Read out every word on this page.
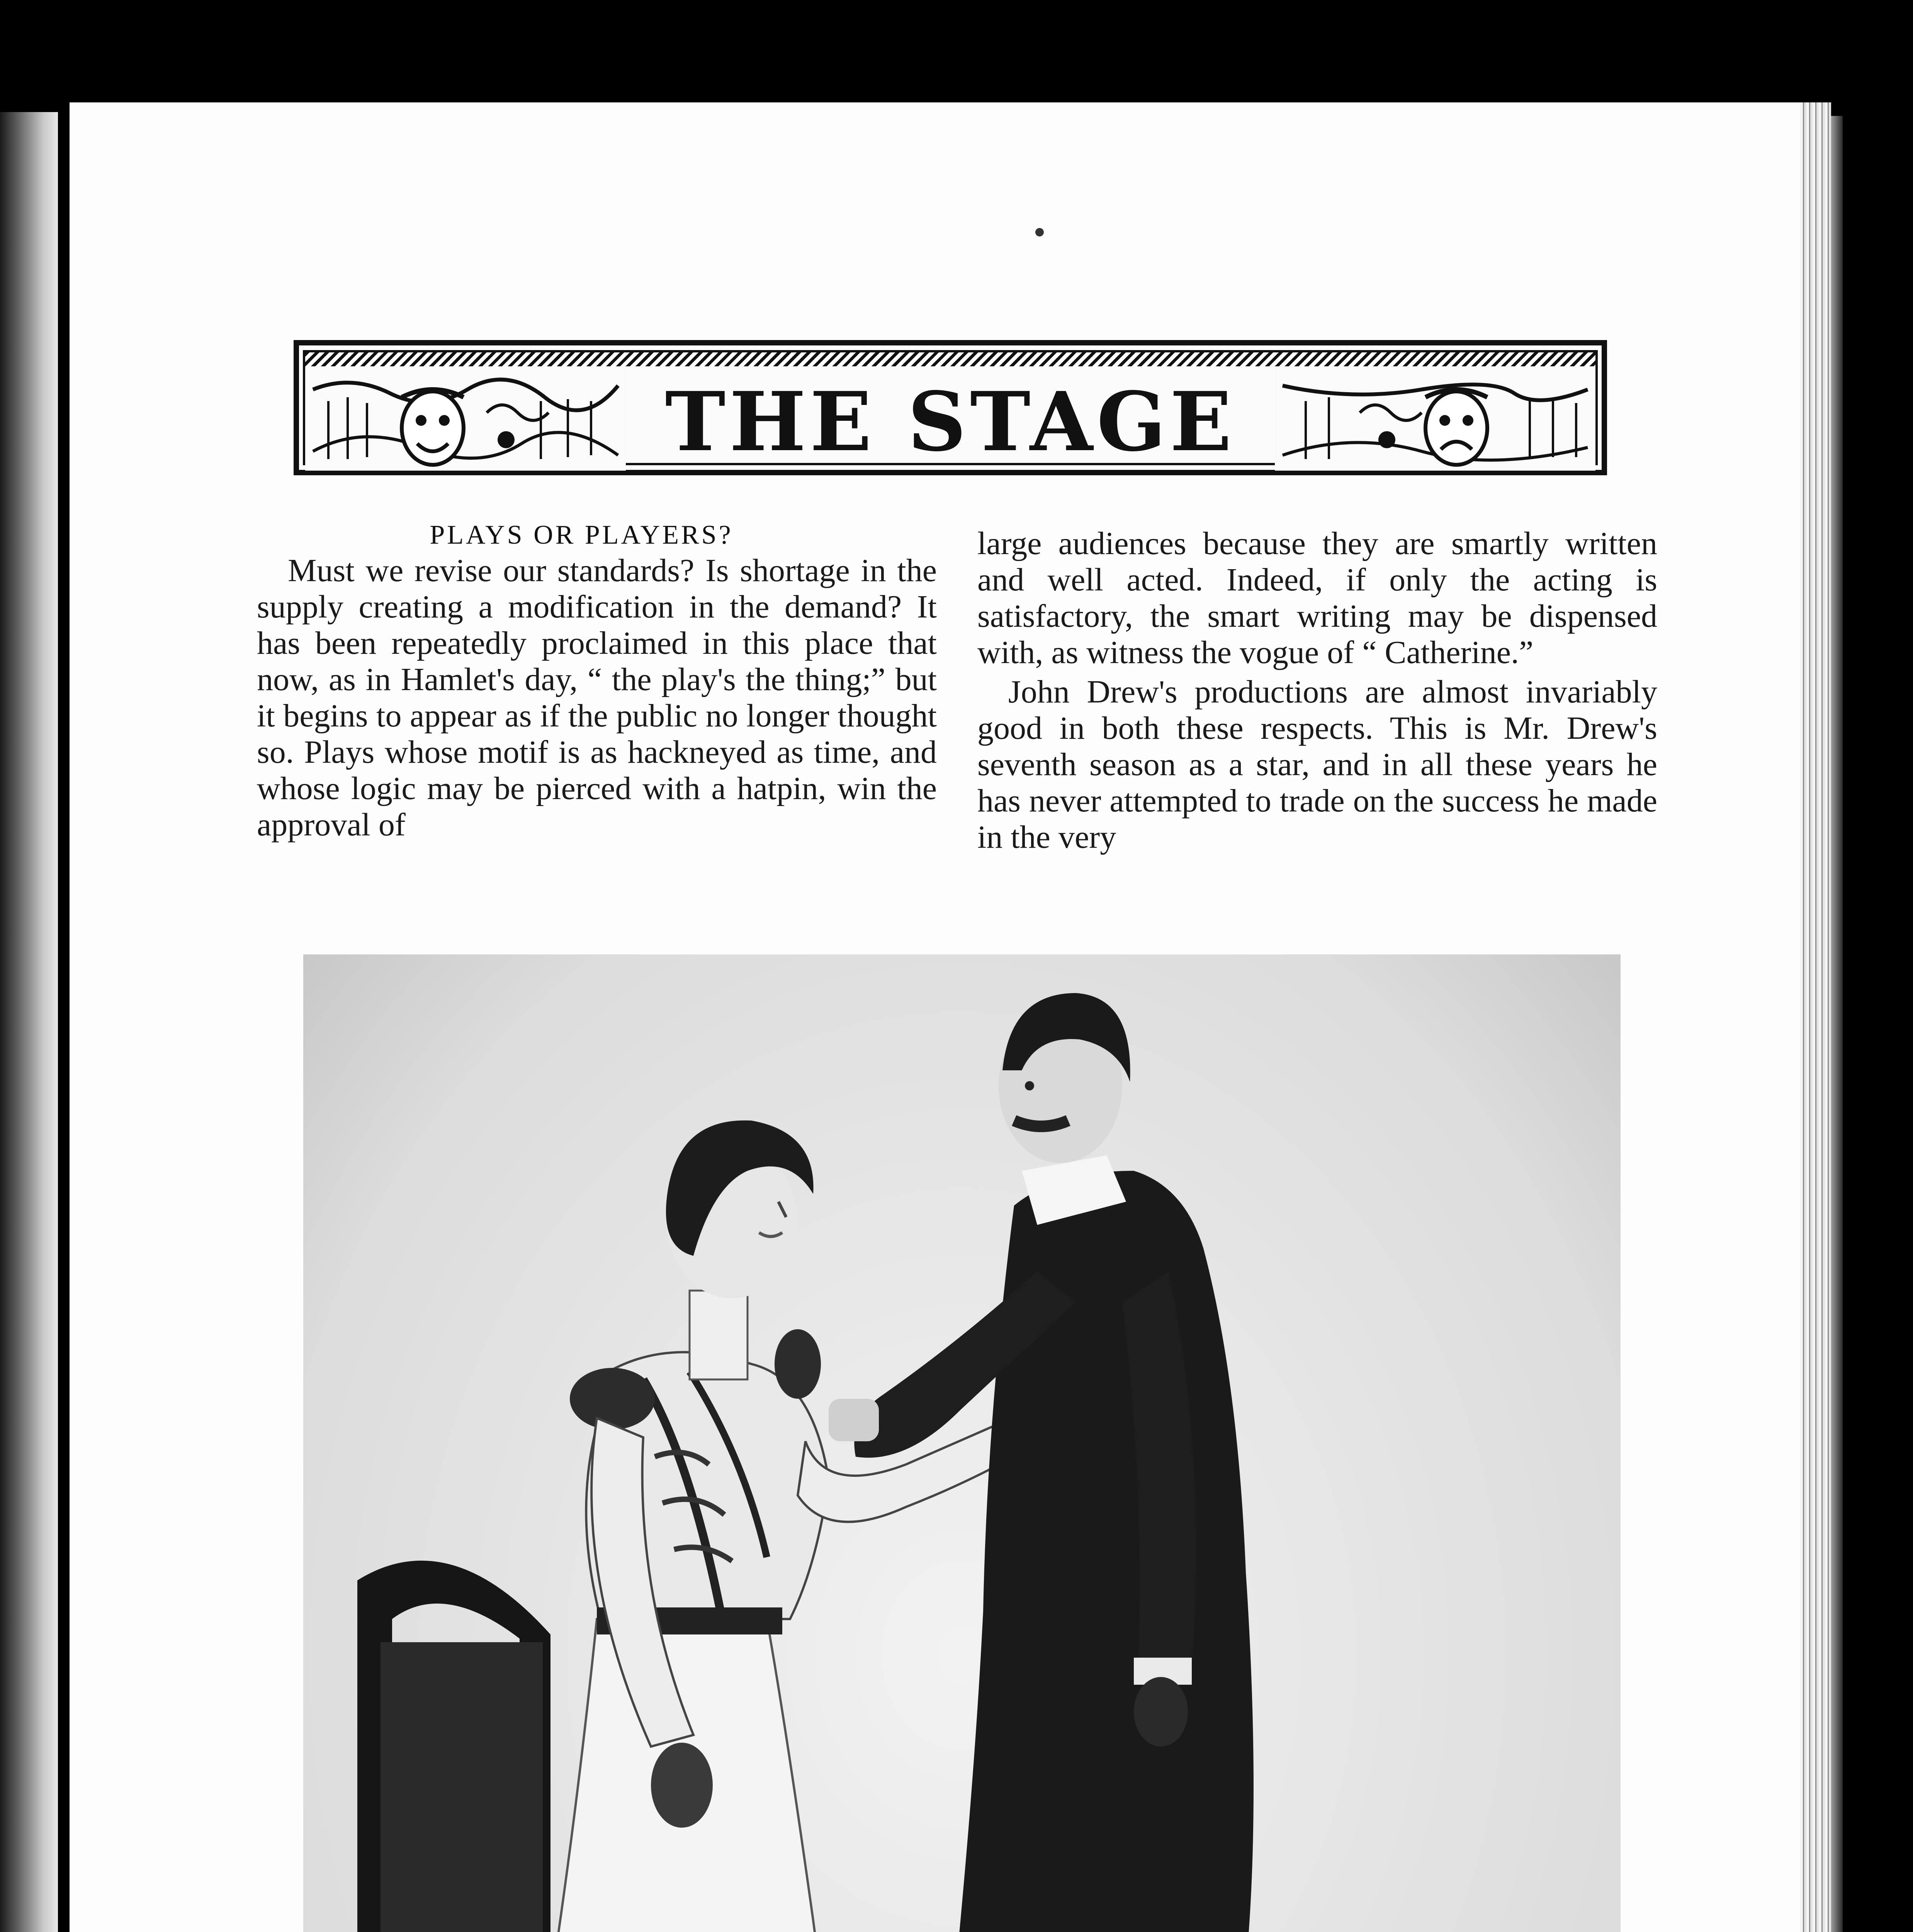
THE STAGE
PLAYS OR PLAYERS?

Must we revise our standards? Is shortage in the supply creating a modification in the demand? It has been repeatedly proclaimed in this place that now, as in Hamlet's day, “ the play's the thing;” but it begins to appear as if the public no longer thought so. Plays whose motif is as hackneyed as time, and whose logic may be pierced with a hatpin, win the approval of

large audiences because they are smartly written and well acted. Indeed, if only the acting is satisfactory, the smart writing may be dispensed with, as witness the vogue of “ Catherine.”

John Drew's productions are almost invariably good in both these respects. This is Mr. Drew's seventh season as a star, and in all these years he has never attempted to trade on the success he made in the very
